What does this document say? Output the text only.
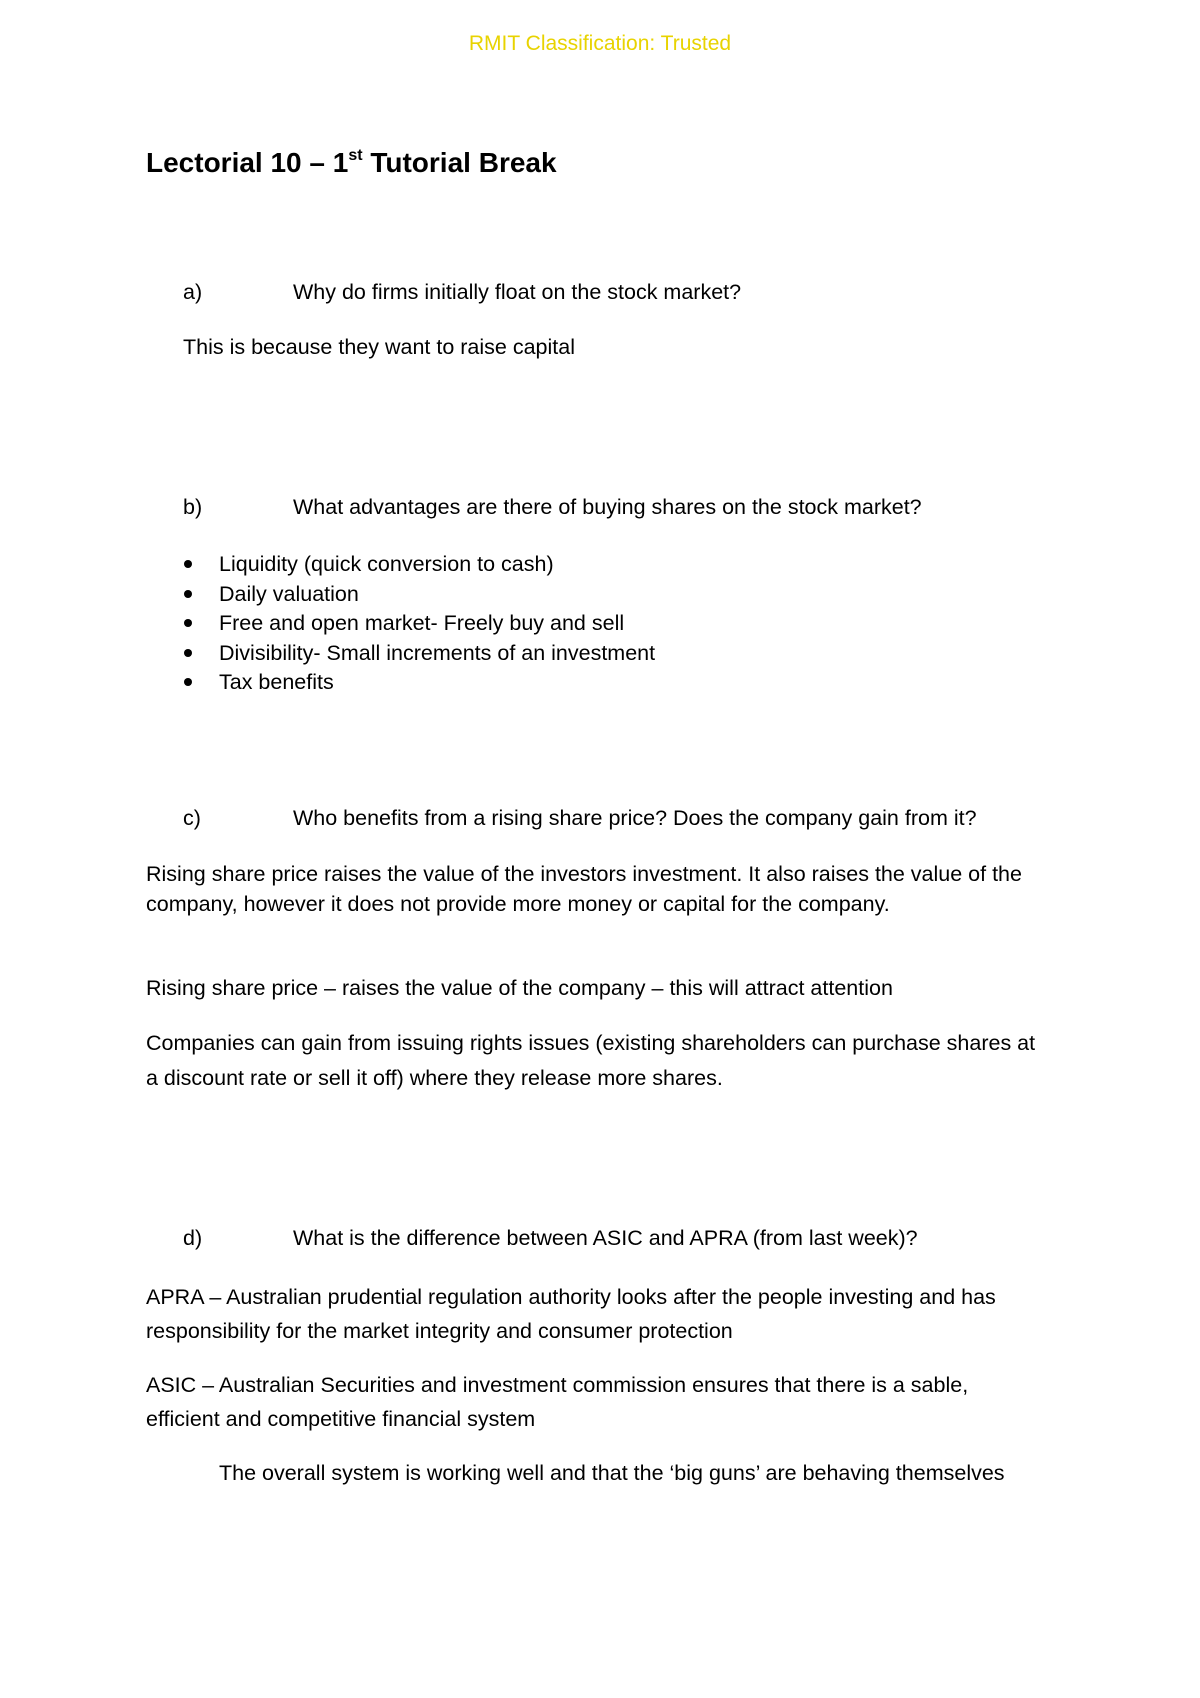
RMIT Classification: Trusted
Lectorial 10 – 1st Tutorial Break
a)	Why do firms initially float on the stock market?
This is because they want to raise capital
b)	What advantages are there of buying shares on the stock market?
Liquidity (quick conversion to cash)
Daily valuation
Free and open market- Freely buy and sell
Divisibility- Small increments of an investment
Tax benefits
c)	Who benefits from a rising share price? Does the company gain from it?
Rising share price raises the value of the investors investment. It also raises the value of the
company, however it does not provide more money or capital for the company.
Rising share price – raises the value of the company – this will attract attention
Companies can gain from issuing rights issues (existing shareholders can purchase shares at
a discount rate or sell it off) where they release more shares.
d)	What is the difference between ASIC and APRA (from last week)?
APRA – Australian prudential regulation authority looks after the people investing and has
responsibility for the market integrity and consumer protection
ASIC – Australian Securities and investment commission ensures that there is a sable,
efficient and competitive financial system
The overall system is working well and that the ‘big guns’ are behaving themselves
